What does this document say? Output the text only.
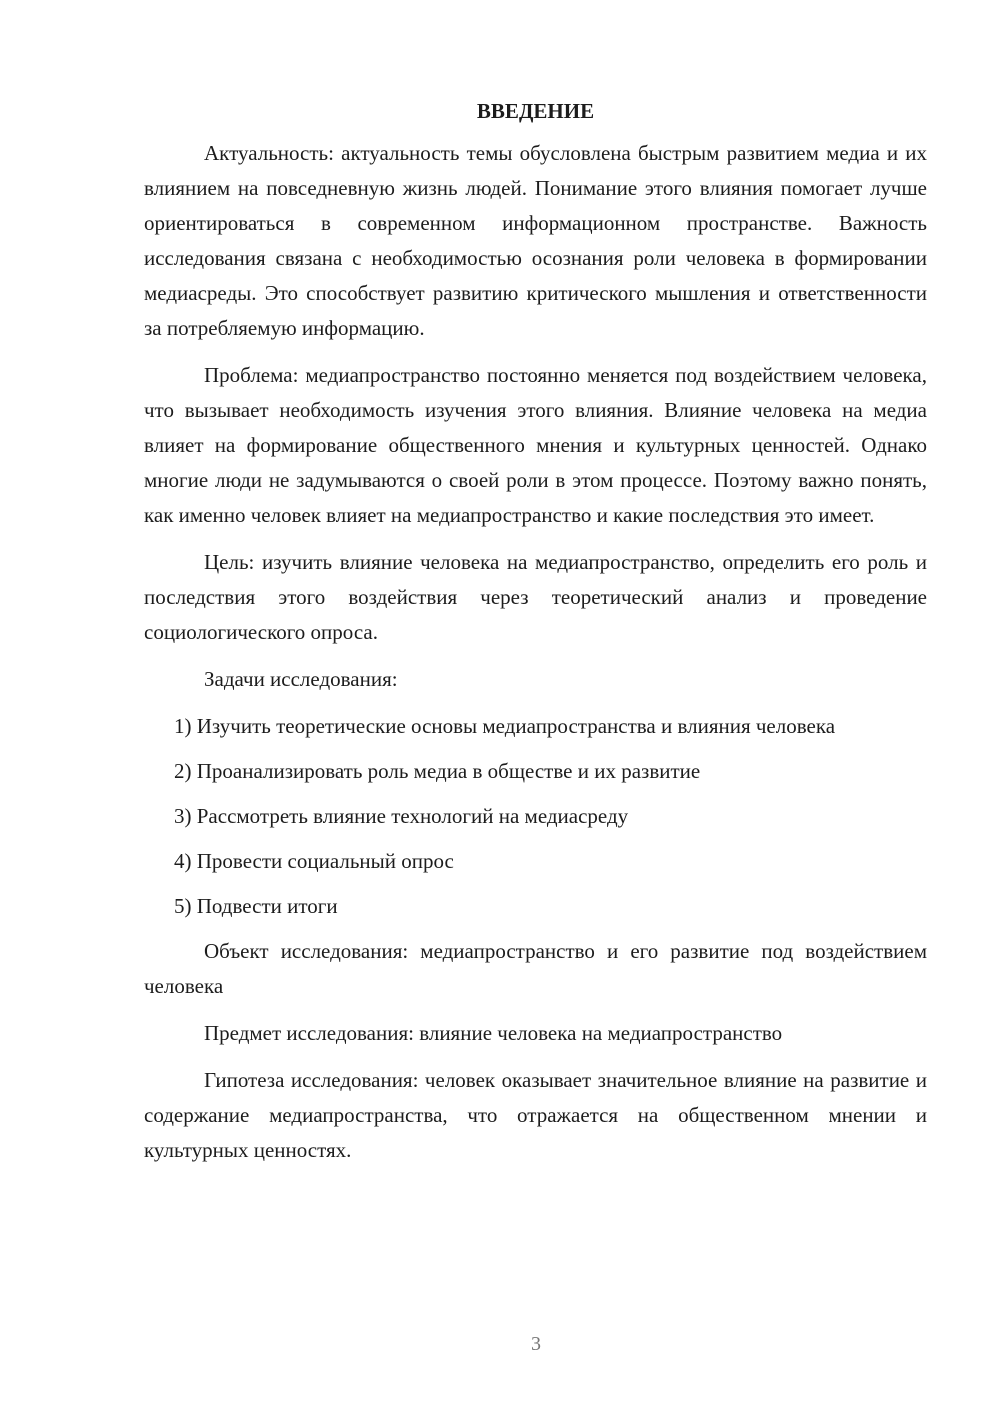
ВВЕДЕНИЕ

Актуальность: актуальность темы обусловлена быстрым развитием медиа и их влиянием на повседневную жизнь людей. Понимание этого влияния помогает лучше ориентироваться в современном информационном пространстве. Важность исследования связана с необходимостью осознания роли человека в формировании медиасреды. Это способствует развитию критического мышления и ответственности за потребляемую информацию.

Проблема: медиапространство постоянно меняется под воздействием человека, что вызывает необходимость изучения этого влияния. Влияние человека на медиа влияет на формирование общественного мнения и культурных ценностей. Однако многие люди не задумываются о своей роли в этом процессе. Поэтому важно понять, как именно человек влияет на медиапространство и какие последствия это имеет.

Цель: изучить влияние человека на медиапространство, определить его роль и последствия этого воздействия через теоретический анализ и проведение социологического опроса.

Задачи исследования:

1) Изучить теоретические основы медиапространства и влияния человека

2) Проанализировать роль медиа в обществе и их развитие

3) Рассмотреть влияние технологий на медиасреду

4) Провести социальный опрос

5) Подвести итоги

Объект исследования: медиапространство и его развитие под воздействием человека

Предмет исследования: влияние человека на медиапространство

Гипотеза исследования: человек оказывает значительное влияние на развитие и содержание медиапространства, что отражается на общественном мнении и культурных ценностях.

3
